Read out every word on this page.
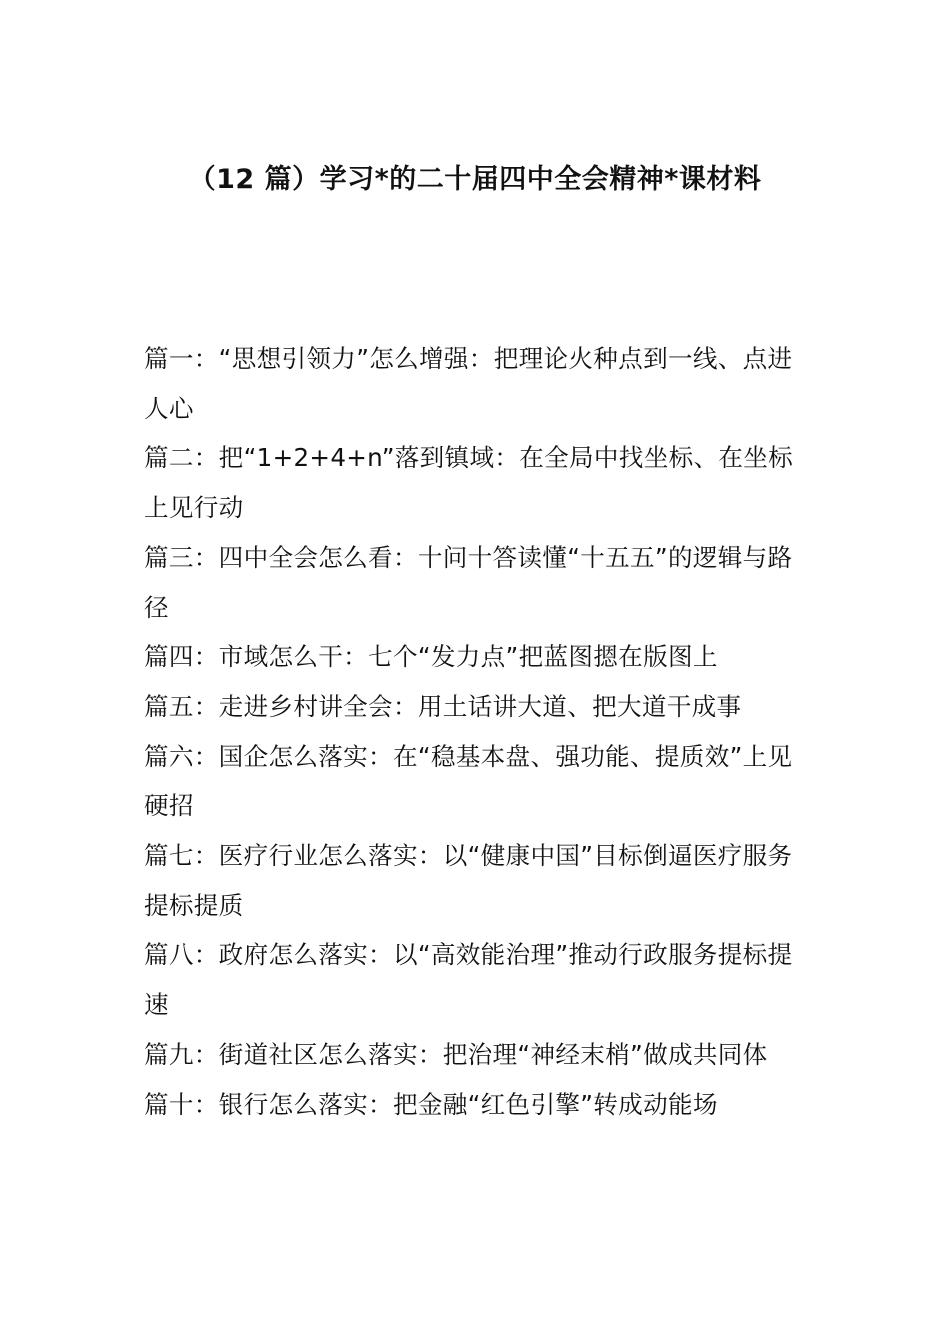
（12 篇）学习*的二十届四中全会精神*课材料
篇一：“思想引领力”怎么增强：把理论火种点到一线、点进人心
篇二：把“1+2+4+n”落到镇域：在全局中找坐标、在坐标上见行动
篇三：四中全会怎么看：十问十答读懂“十五五”的逻辑与路径
篇四：市域怎么干：七个“发力点”把蓝图摁在版图上
篇五：走进乡村讲全会：用土话讲大道、把大道干成事
篇六：国企怎么落实：在“稳基本盘、强功能、提质效”上见硬招
篇七：医疗行业怎么落实：以“健康中国”目标倒逼医疗服务提标提质
篇八：政府怎么落实：以“高效能治理”推动行政服务提标提速
篇九：街道社区怎么落实：把治理“神经末梢”做成共同体
篇十：银行怎么落实：把金融“红色引擎”转成动能场
